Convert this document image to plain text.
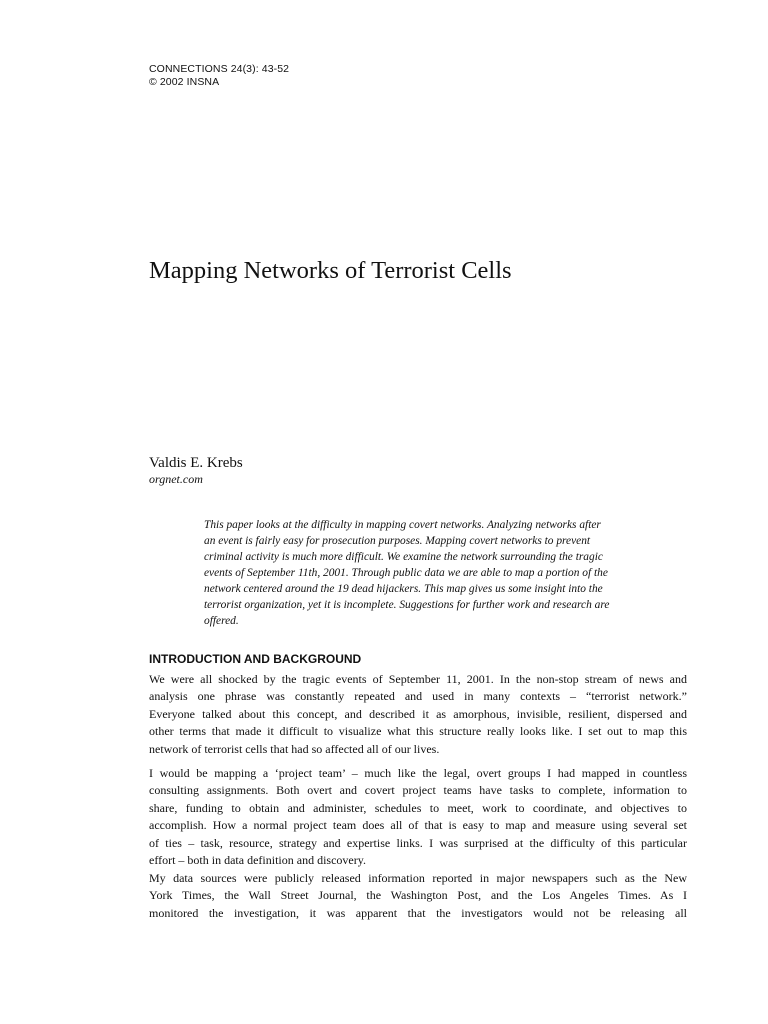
CONNECTIONS 24(3): 43-52
© 2002 INSNA
Mapping Networks of Terrorist Cells
Valdis E. Krebs
orgnet.com
This paper looks at the difficulty in mapping covert networks. Analyzing networks after
an event is fairly easy for prosecution purposes. Mapping covert networks to prevent
criminal activity is much more difficult. We examine the network surrounding the tragic
events of September 11th, 2001. Through public data we are able to map a portion of the
network centered around the 19 dead hijackers. This map gives us some insight into the
terrorist organization, yet it is incomplete. Suggestions for further work and research are
offered.
INTRODUCTION AND BACKGROUND
We were all shocked by the tragic events of September 11, 2001. In the non-stop stream of news and
analysis one phrase was constantly repeated and used in many contexts – “terrorist network.”
Everyone talked about this concept, and described it as amorphous, invisible, resilient, dispersed and
other terms that made it difficult to visualize what this structure really looks like. I set out to map this
network of terrorist cells that had so affected all of our lives.
I would be mapping a ‘project team’ – much like the legal, overt groups I had mapped in countless
consulting assignments. Both overt and covert project teams have tasks to complete, information to
share, funding to obtain and administer, schedules to meet, work to coordinate, and objectives to
accomplish. How a normal project team does all of that is easy to map and measure using several set
of ties – task, resource, strategy and expertise links. I was surprised at the difficulty of this particular
effort – both in data definition and discovery.
My data sources were publicly released information reported in major newspapers such as the New
York Times, the Wall Street Journal, the Washington Post, and the Los Angeles Times. As I
monitored the investigation, it was apparent that the investigators would not be releasing all
